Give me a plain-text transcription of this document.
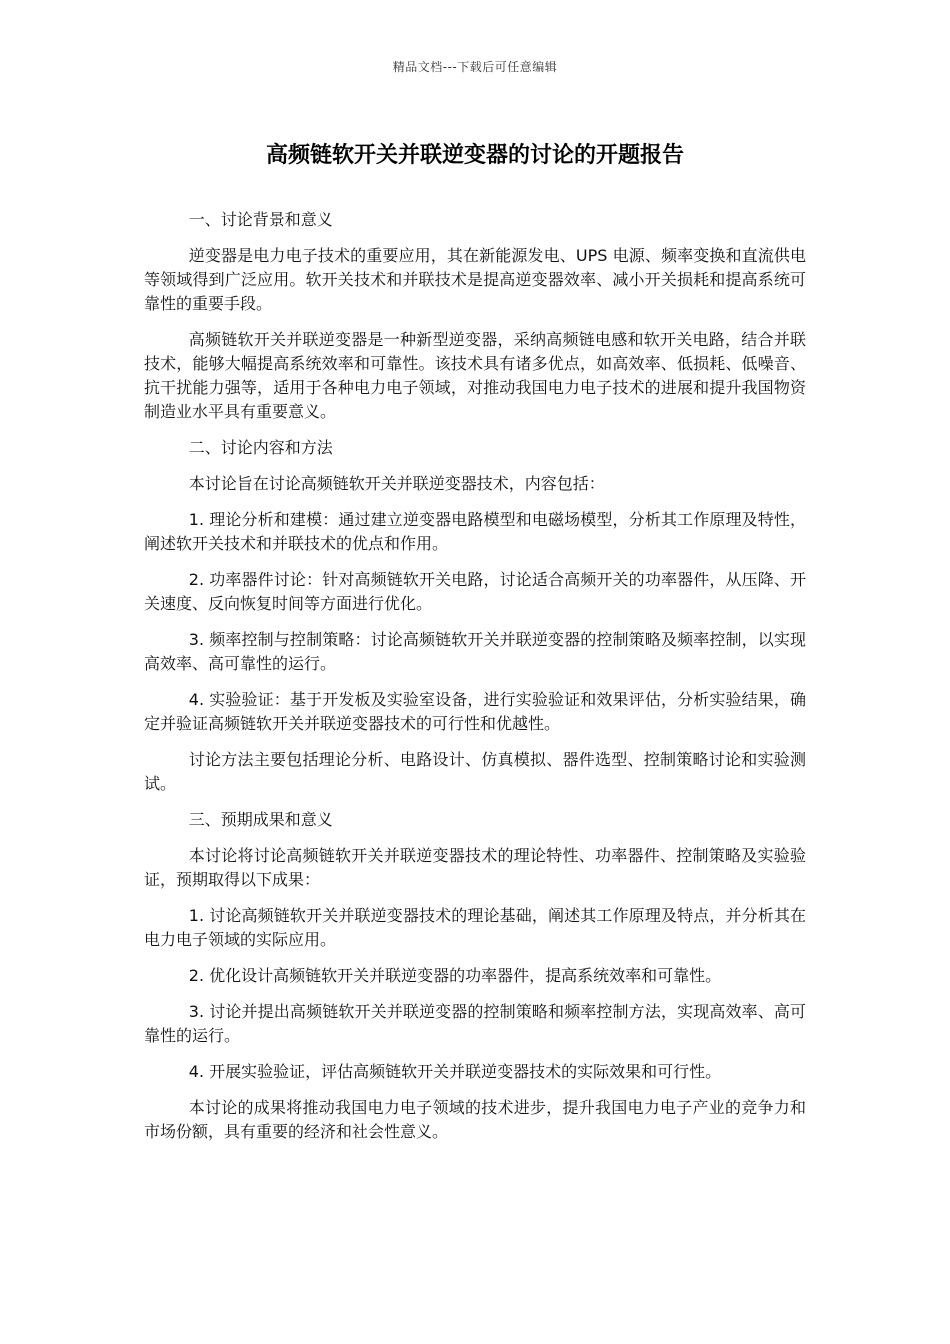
精品文档---下载后可任意编辑
高频链软开关并联逆变器的讨论的开题报告

一、讨论背景和意义

逆变器是电力电子技术的重要应用，其在新能源发电、UPS 电源、频率变换和直流供电等领域得到广泛应用。软开关技术和并联技术是提高逆变器效率、减小开关损耗和提高系统可靠性的重要手段。

高频链软开关并联逆变器是一种新型逆变器，采纳高频链电感和软开关电路，结合并联技术，能够大幅提高系统效率和可靠性。该技术具有诸多优点，如高效率、低损耗、低噪音、抗干扰能力强等，适用于各种电力电子领域，对推动我国电力电子技术的进展和提升我国物资制造业水平具有重要意义。

二、讨论内容和方法

本讨论旨在讨论高频链软开关并联逆变器技术，内容包括：

1. 理论分析和建模：通过建立逆变器电路模型和电磁场模型，分析其工作原理及特性，阐述软开关技术和并联技术的优点和作用。

2. 功率器件讨论：针对高频链软开关电路，讨论适合高频开关的功率器件，从压降、开关速度、反向恢复时间等方面进行优化。

3. 频率控制与控制策略：讨论高频链软开关并联逆变器的控制策略及频率控制，以实现高效率、高可靠性的运行。

4. 实验验证：基于开发板及实验室设备，进行实验验证和效果评估，分析实验结果，确定并验证高频链软开关并联逆变器技术的可行性和优越性。

讨论方法主要包括理论分析、电路设计、仿真模拟、器件选型、控制策略讨论和实验测试。

三、预期成果和意义

本讨论将讨论高频链软开关并联逆变器技术的理论特性、功率器件、控制策略及实验验证，预期取得以下成果：

1. 讨论高频链软开关并联逆变器技术的理论基础，阐述其工作原理及特点，并分析其在电力电子领域的实际应用。

2. 优化设计高频链软开关并联逆变器的功率器件，提高系统效率和可靠性。

3. 讨论并提出高频链软开关并联逆变器的控制策略和频率控制方法，实现高效率、高可靠性的运行。

4. 开展实验验证，评估高频链软开关并联逆变器技术的实际效果和可行性。

本讨论的成果将推动我国电力电子领域的技术进步，提升我国电力电子产业的竞争力和市场份额，具有重要的经济和社会性意义。
